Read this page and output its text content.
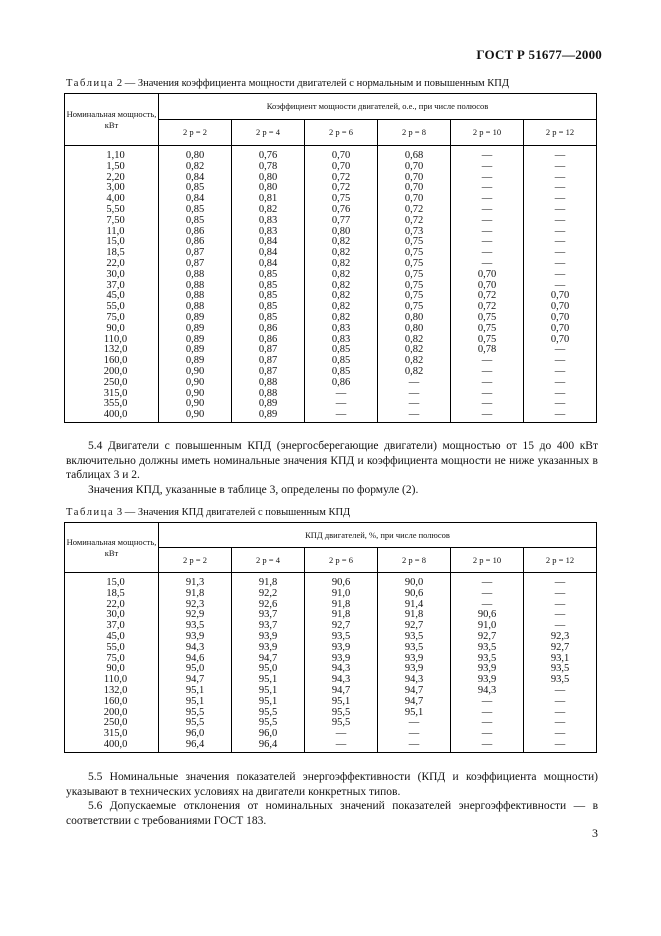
ГОСТ Р 51677—2000
Таблица 2 — Значения коэффициента мощности двигателей с нормальным и повышенным КПД
Номинальная мощность, кВт	Коэффициент мощности двигателей, о.е., при числе полюсов					
	2 p = 2	2 p = 4	2 p = 6	2 p = 8	2 p = 10	2 p = 12
1,10	0,80	0,76	0,70	0,68	—	—
1,50	0,82	0,78	0,70	0,70	—	—
2,20	0,84	0,80	0,72	0,70	—	—
3,00	0,85	0,80	0,72	0,70	—	—
4,00	0,84	0,81	0,75	0,70	—	—
5,50	0,85	0,82	0,76	0,72	—	—
7,50	0,85	0,83	0,77	0,72	—	—
11,0	0,86	0,83	0,80	0,73	—	—
15,0	0,86	0,84	0,82	0,75	—	—
18,5	0,87	0,84	0,82	0,75	—	—
22,0	0,87	0,84	0,82	0,75	—	—
30,0	0,88	0,85	0,82	0,75	0,70	—
37,0	0,88	0,85	0,82	0,75	0,70	—
45,0	0,88	0,85	0,82	0,75	0,72	0,70
55,0	0,88	0,85	0,82	0,75	0,72	0,70
75,0	0,89	0,85	0,82	0,80	0,75	0,70
90,0	0,89	0,86	0,83	0,80	0,75	0,70
110,0	0,89	0,86	0,83	0,82	0,75	0,70
132,0	0,89	0,87	0,85	0,82	0,78	—
160,0	0,89	0,87	0,85	0,82	—	—
200,0	0,90	0,87	0,85	0,82	—	—
250,0	0,90	0,88	0,86	—	—	—
315,0	0,90	0,88	—	—	—	—
355,0	0,90	0,89	—	—	—	—
400,0	0,90	0,89	—	—	—	—

5.4 Двигатели с повышенным КПД (энергосберегающие двигатели) мощностью от 15 до 400 кВт включительно должны иметь номинальные значения КПД и коэффициента мощности не ниже указанных в таблицах 3 и 2.

Значения КПД, указанные в таблице 3, определены по формуле (2).

Таблица 3 — Значения КПД двигателей с повышенным КПД
Номинальная мощность, кВт	КПД двигателей, %, при числе полюсов					
	2 p = 2	2 p = 4	2 p = 6	2 p = 8	2 p = 10	2 p = 12
15,0	91,3	91,8	90,6	90,0	—	—
18,5	91,8	92,2	91,0	90,6	—	—
22,0	92,3	92,6	91,8	91,4	—	—
30,0	92,9	93,7	91,8	91,8	90,6	—
37,0	93,5	93,7	92,7	92,7	91,0	—
45,0	93,9	93,9	93,5	93,5	92,7	92,3
55,0	94,3	93,9	93,9	93,5	93,5	92,7
75,0	94,6	94,7	93,9	93,9	93,5	93,1
90,0	95,0	95,0	94,3	93,9	93,9	93,5
110,0	94,7	95,1	94,3	94,3	93,9	93,5
132,0	95,1	95,1	94,7	94,7	94,3	—
160,0	95,1	95,1	95,1	94,7	—	—
200,0	95,5	95,5	95,5	95,1	—	—
250,0	95,5	95,5	95,5	—	—	—
315,0	96,0	96,0	—	—	—	—
400,0	96,4	96,4	—	—	—	—

5.5 Номинальные значения показателей энергоэффективности (КПД и коэффициента мощности) указывают в технических условиях на двигатели конкретных типов.

5.6 Допускаемые отклонения от номинальных значений показателей энергоэффективности — в соответствии с требованиями ГОСТ 183.

3
